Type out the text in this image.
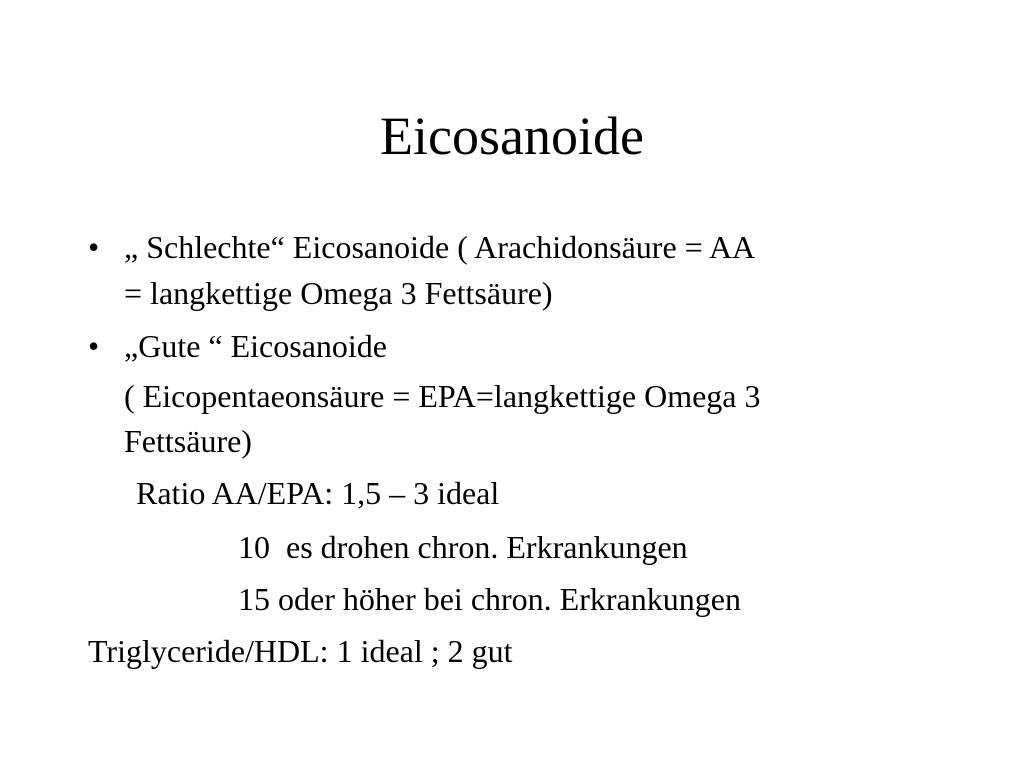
Eicosanoide
• „ Schlechte“ Eicosanoide ( Arachidonsäure = AA
= langkettige Omega 3 Fettsäure)
• „Gute “ Eicosanoide
( Eicopentaeonsäure = EPA=langkettige Omega 3
Fettsäure)
Ratio AA/EPA: 1,5 – 3 ideal
10  es drohen chron. Erkrankungen
15 oder höher bei chron. Erkrankungen
Triglyceride/HDL: 1 ideal ; 2 gut
